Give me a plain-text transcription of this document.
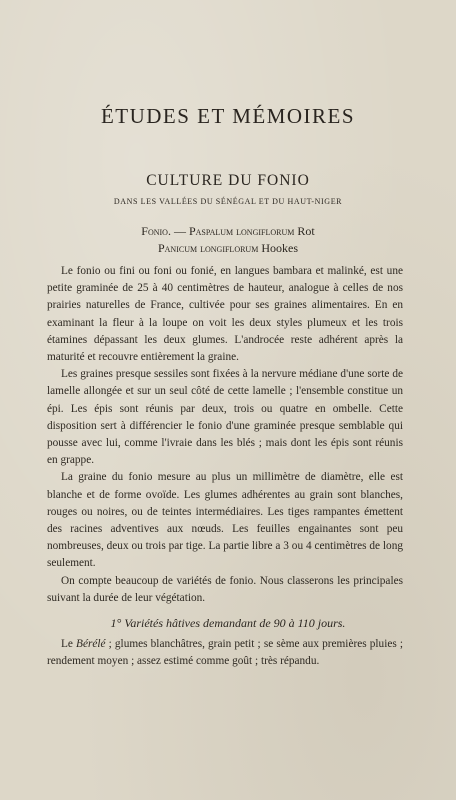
ÉTUDES ET MÉMOIRES
CULTURE DU FONIO
DANS LES VALLÉES DU SÉNÉGAL ET DU HAUT-NIGER
Fonio. — Paspalum longiflorum Rot
Panicum longiflorum Hookes

Le fonio ou fini ou foni ou fonié, en langues bambara et malinké, est une petite graminée de 25 à 40 centimètres de hauteur, analogue à celles de nos prairies naturelles de France, cultivée pour ses graines alimentaires. En en examinant la fleur à la loupe on voit les deux styles plumeux et les trois étamines dépassant les deux glumes. L'androcée reste adhérent après la maturité et recouvre entièrement la graine.

Les graines presque sessiles sont fixées à la nervure médiane d'une sorte de lamelle allongée et sur un seul côté de cette lamelle ; l'ensemble constitue un épi. Les épis sont réunis par deux, trois ou quatre en ombelle. Cette disposition sert à différencier le fonio d'une graminée presque semblable qui pousse avec lui, comme l'ivraie dans les blés ; mais dont les épis sont réunis en grappe.

La graine du fonio mesure au plus un millimètre de diamètre, elle est blanche et de forme ovoïde. Les glumes adhérentes au grain sont blanches, rouges ou noires, ou de teintes intermédiaires. Les tiges rampantes émettent des racines adventives aux nœuds. Les feuilles engainantes sont peu nombreuses, deux ou trois par tige. La partie libre a 3 ou 4 centimètres de long seulement.

On compte beaucoup de variétés de fonio. Nous classerons les principales suivant la durée de leur végétation.

1° Variétés hâtives demandant de 90 à 110 jours.

Le Bérélé ; glumes blanchâtres, grain petit ; se sème aux premières pluies ; rendement moyen ; assez estimé comme goût ; très répandu.
